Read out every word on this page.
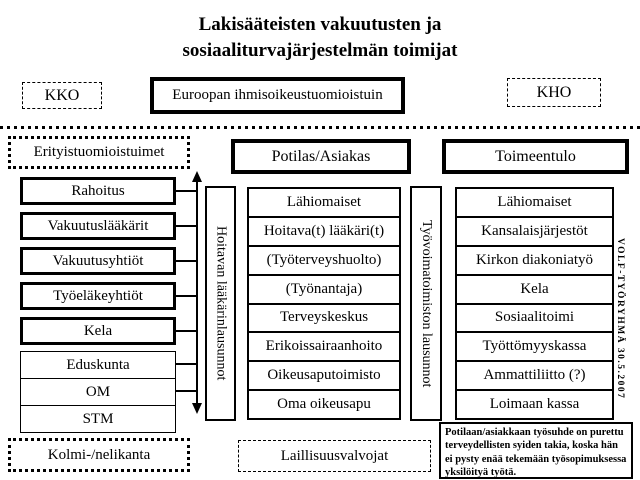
Lakisääteisten vakuutusten ja
sosiaaliturvajärjestelmän toimijat
KKO	Euroopan ihmisoikeustuomioistuin	KHO
Erityistuomioistuimet	Potilas/Asiakas	Toimeentulo
Rahoitus
Vakuutuslääkärit
Vakuutusyhtiöt
Työeläkeyhtiöt
Kela
Eduskunta
OM
STM
Kolmi-/nelikanta
Hoitavan lääkärinlausunnot	Työvoimatoimiston lausunnot
Lähiomaiset
Hoitava(t) lääkäri(t)
(Työterveyshuolto)
(Työnantaja)
Terveyskeskus
Erikoissairaanhoito
Oikeusaputoimisto
Oma oikeusapu
Lähiomaiset
Kansalaisjärjestöt
Kirkon diakoniatyö
Kela
Sosiaalitoimi
Työttömyyskassa
Ammattiliitto (?)
Loimaan kassa
VOLF-TYÖRYHMÄ 30.5.2007
Laillisuusvalvojat
Potilaan/asiakkaan työsuhde on purettu terveydellisten syiden takia, koska hän ei pysty enää tekemään työsopimuksessa yksilöityä työtä.
